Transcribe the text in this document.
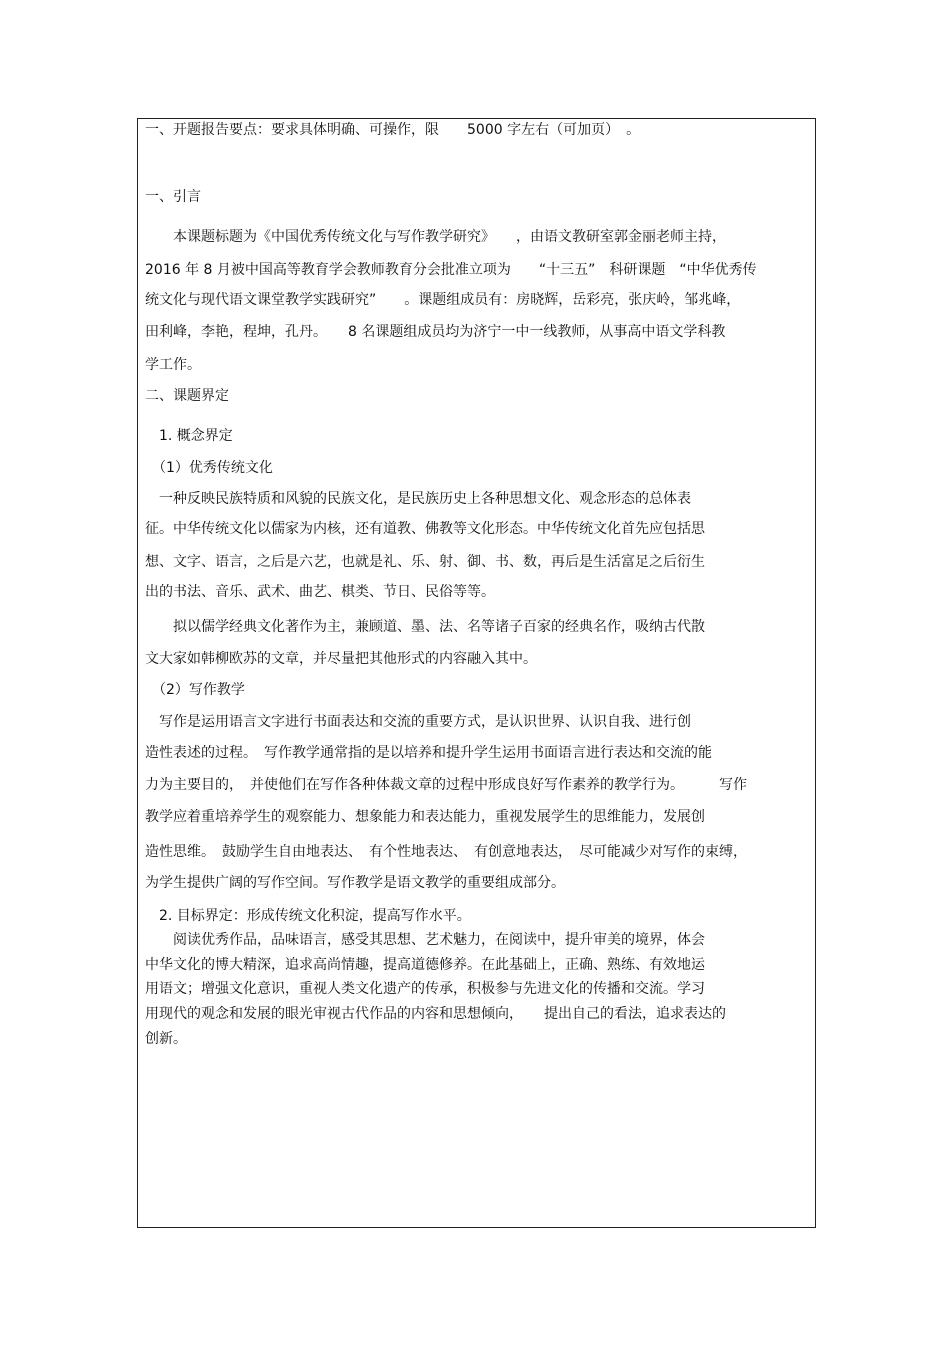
一、开题报告要点：要求具体明确、可操作，限　　5000 字左右（可加页）　。
一、引言
　　本课题标题为《中国优秀传统文化与写作教学研究》　　，由语文教研室郭金丽老师主持，
2016 年 8 月被中国高等教育学会教师教育分会批准立项为　　“十三五”　科研课题　“中华优秀传
统文化与现代语文课堂教学实践研究”　　。课题组成员有：房晓辉，岳彩亮，张庆岭，邹兆峰，
田利峰，李艳，程坤，孔丹。　　8 名课题组成员均为济宁一中一线教师，从事高中语文学科教
学工作。
二、课题界定
　1. 概念界定
　（1）优秀传统文化
　一种反映民族特质和风貌的民族文化，是民族历史上各种思想文化、观念形态的总体表
征。中华传统文化以儒家为内核，还有道教、佛教等文化形态。中华传统文化首先应包括思
想、文字、语言，之后是六艺，也就是礼、乐、射、御、书、数，再后是生活富足之后衍生
出的书法、音乐、武术、曲艺、棋类、节日、民俗等等。
　　拟以儒学经典文化著作为主，兼顾道、墨、法、名等诸子百家的经典名作，吸纳古代散
文大家如韩柳欧苏的文章，并尽量把其他形式的内容融入其中。
　（2）写作教学
　写作是运用语言文字进行书面表达和交流的重要方式，是认识世界、认识自我、进行创
造性表述的过程。　写作教学通常指的是以培养和提升学生运用书面语言进行表达和交流的能
力为主要目的，　并使他们在写作各种体裁文章的过程中形成良好写作素养的教学行为。　　　写作
教学应着重培养学生的观察能力、想象能力和表达能力，重视发展学生的思维能力，发展创
造性思维。　鼓励学生自由地表达、　有个性地表达、　有创意地表达，　尽可能减少对写作的束缚，
为学生提供广阔的写作空间。写作教学是语文教学的重要组成部分。
　2. 目标界定：形成传统文化积淀，提高写作水平。
　　阅读优秀作品，品味语言，感受其思想、艺术魅力，在阅读中，提升审美的境界，体会
中华文化的博大精深，追求高尚情趣，提高道德修养。在此基础上，正确、熟练、有效地运
用语文；增强文化意识，重视人类文化遗产的传承，积极参与先进文化的传播和交流。学习
用现代的观念和发展的眼光审视古代作品的内容和思想倾向，　　提出自己的看法，追求表达的
创新。
